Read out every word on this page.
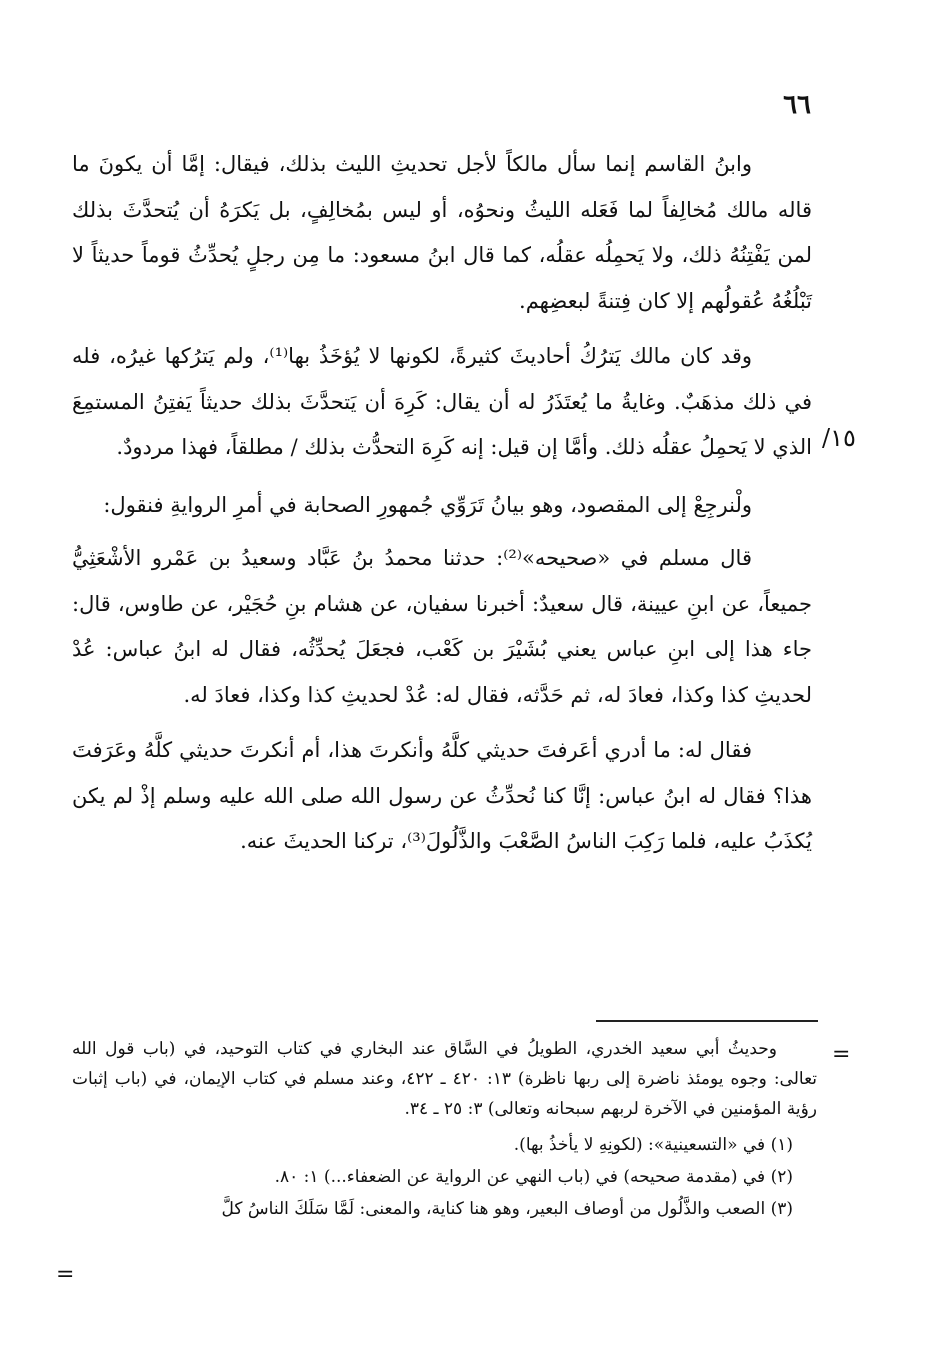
٦٦
١٥/

وابنُ القاسم إنما سأل مالكاً لأجل تحديثِ الليث بذلك، فيقال: إمَّا أن يكونَ ما قاله مالك مُخالِفاً لما فَعَله الليثُ ونحوُه، أو ليس بمُخالِفٍ، بل يَكرَهُ أن يُتحدَّثَ بذلك لمن يَفْتِنُهُ ذلك، ولا يَحمِلُه عقلُه، كما قال ابنُ مسعود: ما مِن رجلٍ يُحدِّثُ قوماً حديثاً لا تَبْلُغُهُ عُقولُهم إلا كان فِتنةً لبعضِهم.

وقد كان مالك يَترُكُ أحاديثَ كثيرةً، لكونها لا يُؤخَذُ بها⁽¹⁾، ولم يَترُكها غيرُه، فله في ذلك مذهَبٌ. وغايةُ ما يُعتَذَرُ له أن يقال: كَرِهَ أن يَتحدَّثَ بذلك حديثاً يَفتِنُ المستمِعَ الذي لا يَحمِلُ عقلُه ذلك. وأمَّا إن قيل: إنه كَرِهَ التحدُّث بذلك / مطلقاً، فهذا مردودٌ.

ولْنرجِعْ إلى المقصود، وهو بيانُ تَرَوِّي جُمهورِ الصحابة في أمرِ الروايةِ فنقول:

قال مسلم في «صحيحه»⁽²⁾: حدثنا محمدُ بنُ عَبَّاد وسعيدُ بن عَمْرو الأشْعَثِيُّ جميعاً، عن ابنِ عيينة، قال سعيدٌ: أخبرنا سفيان، عن هشام بنِ حُجَيْر، عن طاوس، قال: جاء هذا إلى ابنِ عباس يعني بُشَيْرَ بن كَعْب، فجعَلَ يُحدِّثُه، فقال له ابنُ عباس: عُدْ لحديثِ كذا وكذا، فعادَ له، ثم حَدَّثه، فقال له: عُدْ لحديثِ كذا وكذا، فعادَ له.

فقال له: ما أدري أعَرفتَ حديثي كلَّهُ وأنكرتَ هذا، أم أنكرتَ حديثي كلَّهُ وعَرَفتَ هذا؟ فقال له ابنُ عباس: إنَّا كنا نُحدِّثُ عن رسول الله صلى الله عليه وسلم إذْ لم يكن يُكذَبُ عليه، فلما رَكِبَ الناسُ الصَّعْبَ والذَّلُولَ⁽³⁾، تركنا الحديثَ عنه.

=

وحديثُ أبي سعيد الخدري، الطويلُ في السَّاق عند البخاري في كتاب التوحيد، في (باب قول الله تعالى: وجوه يومئذ ناضرة إلى ربها ناظرة) ١٣: ٤٢٠ ـ ٤٢٢، وعند مسلم في كتاب الإيمان، في (باب إثبات رؤية المؤمنين في الآخرة لربهم سبحانه وتعالى) ٣: ٢٥ ـ ٣٤.

(١) في «التسعينية»: (لكونِهِ لا يأخذُ بها).

(٢) في (مقدمة صحيحه) في (باب النهي عن الرواية عن الضعفاء...) ١: ٨٠.

(٣) الصعب والذَّلُول من أوصاف البعير، وهو هنا كناية، والمعنى: لَمَّا سَلَكَ الناسُ كلَّ

=
